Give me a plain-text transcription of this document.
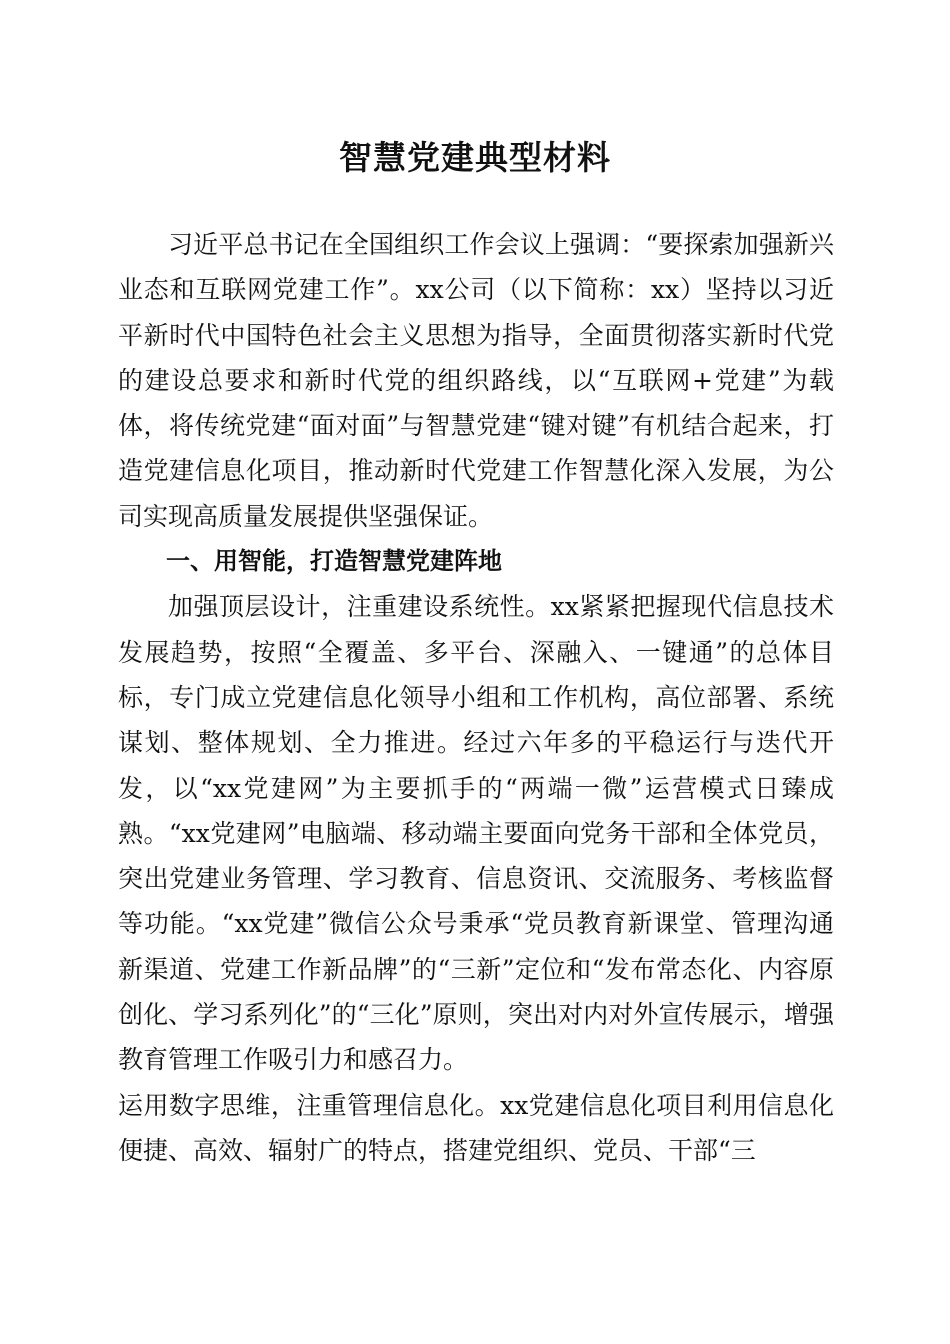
智慧党建典型材料

习近平总书记在全国组织工作会议上强调：“要探索加强新兴业态和互联网党建工作”。xx公司（以下简称：xx）坚持以习近平新时代中国特色社会主义思想为指导，全面贯彻落实新时代党的建设总要求和新时代党的组织路线，以“互联网+党建”为载体，将传统党建“面对面”与智慧党建“键对键”有机结合起来，打造党建信息化项目，推动新时代党建工作智慧化深入发展，为公司实现高质量发展提供坚强保证。

一、用智能，打造智慧党建阵地

加强顶层设计，注重建设系统性。xx紧紧把握现代信息技术发展趋势，按照“全覆盖、多平台、深融入、一键通”的总体目标，专门成立党建信息化领导小组和工作机构，高位部署、系统谋划、整体规划、全力推进。经过六年多的平稳运行与迭代开发，以“xx党建网”为主要抓手的“两端一微”运营模式日臻成熟。“xx党建网”电脑端、移动端主要面向党务干部和全体党员，突出党建业务管理、学习教育、信息资讯、交流服务、考核监督等功能。“xx党建”微信公众号秉承“党员教育新课堂、管理沟通新渠道、党建工作新品牌”的“三新”定位和“发布常态化、内容原创化、学习系列化”的“三化”原则，突出对内对外宣传展示，增强教育管理工作吸引力和感召力。

运用数字思维，注重管理信息化。xx党建信息化项目利用信息化便捷、高效、辐射广的特点，搭建党组织、党员、干部“三
